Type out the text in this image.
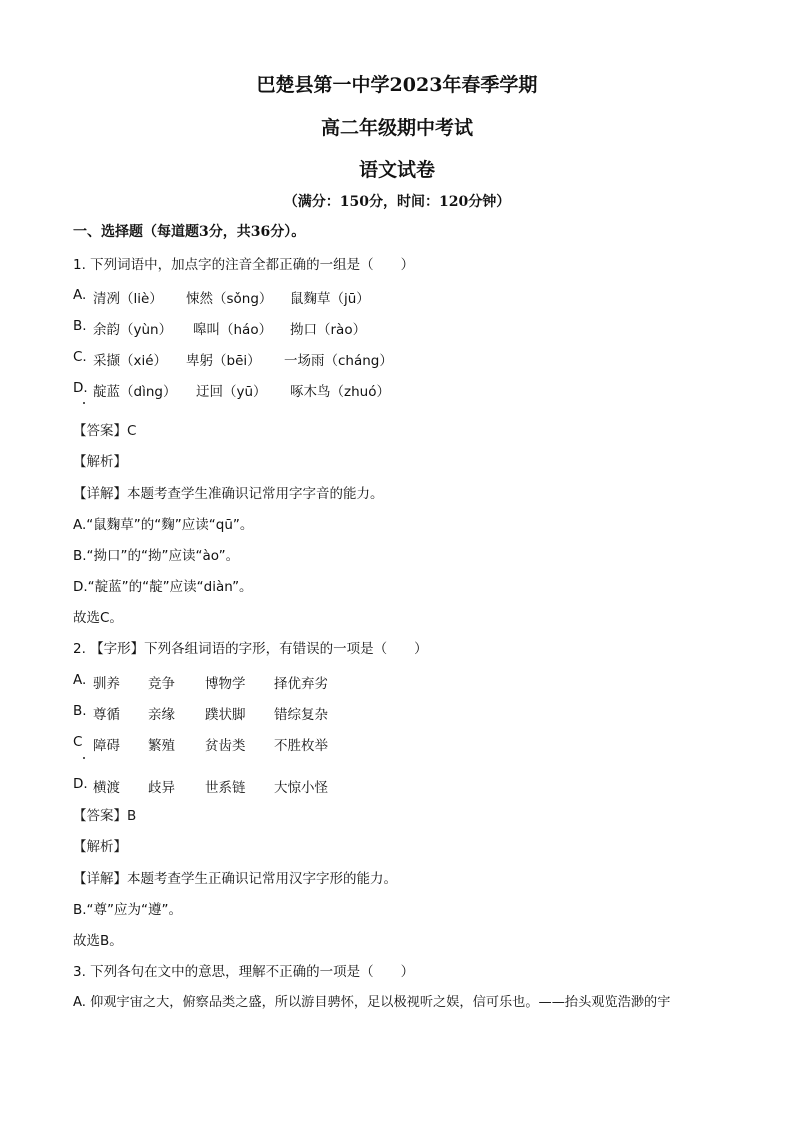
巴楚县第一中学2023年春季学期
高二年级期中考试
语文试卷
（满分：150分，时间：120分钟）
一、选择题（每道题3分，共36分）。
1. 下列词语中，加点字的注音全都正确的一组是（　　）
A. 清冽（liè） 悚然（sǒng） 鼠麴草（jū）
B. 余韵（yùn） 嗥叫（háo） 拗口（rào）
C. 采撷（xié） 卑躬（bēi） 一场雨（cháng）
D. 靛蓝（dìng） 迂回（yū） 啄木鸟（zhuó）
【答案】C
【解析】
【详解】本题考查学生准确识记常用字字音的能力。
A.“鼠麴草”的“麴”应读“qū”。
B.“拗口”的“拗”应读“ào”。
D.“靛蓝”的“靛”应读“diàn”。
故选C。
2. 【字形】下列各组词语的字形，有错误的一项是（　　）
A. 驯养 竞争 博物学 择优弃劣
B. 尊循 亲缘 蹼状脚 错综复杂
C 障碍 繁殖 贫齿类 不胜枚举
D. 横渡 歧异 世系链 大惊小怪
【答案】B
【解析】
【详解】本题考查学生正确识记常用汉字字形的能力。
B.“尊”应为“遵”。
故选B。
3. 下列各句在文中的意思，理解不正确的一项是（　　）
A. 仰观宇宙之大，俯察品类之盛，所以游目骋怀，足以极视听之娱，信可乐也。——抬头观览浩渺的宇
